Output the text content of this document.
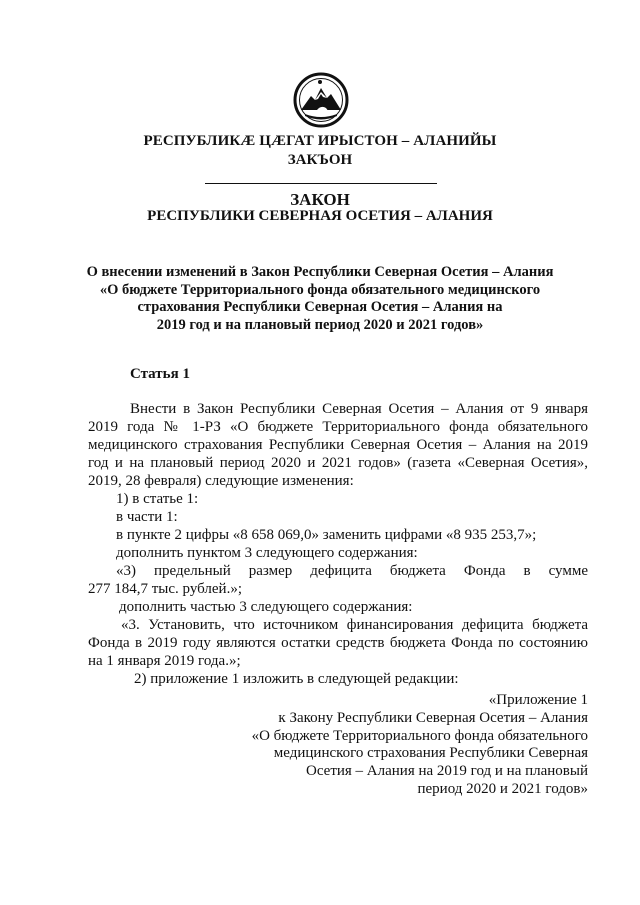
РЕСПУБЛИКÆ ЦÆГАТ ИРЫСТОН – АЛАНИЙЫ
ЗАКЪОН
ЗАКОН
РЕСПУБЛИКИ СЕВЕРНАЯ ОСЕТИЯ – АЛАНИЯ
О внесении изменений в Закон Республики Северная Осетия – Алания
«О бюджете Территориального фонда обязательного медицинского
страхования Республики Северная Осетия – Алания на
2019 год и на плановый период 2020 и 2021 годов»
Статья 1
Внести в Закон Республики Северная Осетия – Алания от 9 января
2019 года № 1-РЗ «О бюджете Территориального фонда обязательного
медицинского страхования Республики Северная Осетия – Алания на 2019
год и на плановый период 2020 и 2021 годов» (газета «Северная Осетия»,
2019, 28 февраля) следующие изменения:
1) в статье 1:
в части 1:
в пункте 2 цифры «8 658 069,0» заменить цифрами «8 935 253,7»;
дополнить пунктом 3 следующего содержания:
«3) предельный размер дефицита бюджета Фонда в сумме
277 184,7 тыс. рублей.»;
дополнить частью 3 следующего содержания:
«3. Установить, что источником финансирования дефицита бюджета
Фонда в 2019 году являются остатки средств бюджета Фонда по состоянию
на 1 января 2019 года.»;
2) приложение 1 изложить в следующей редакции:
«Приложение 1
к Закону Республики Северная Осетия – Алания
«О бюджете Территориального фонда обязательного
медицинского страхования Республики Северная
Осетия – Алания на 2019 год и на плановый
период 2020 и 2021 годов»
